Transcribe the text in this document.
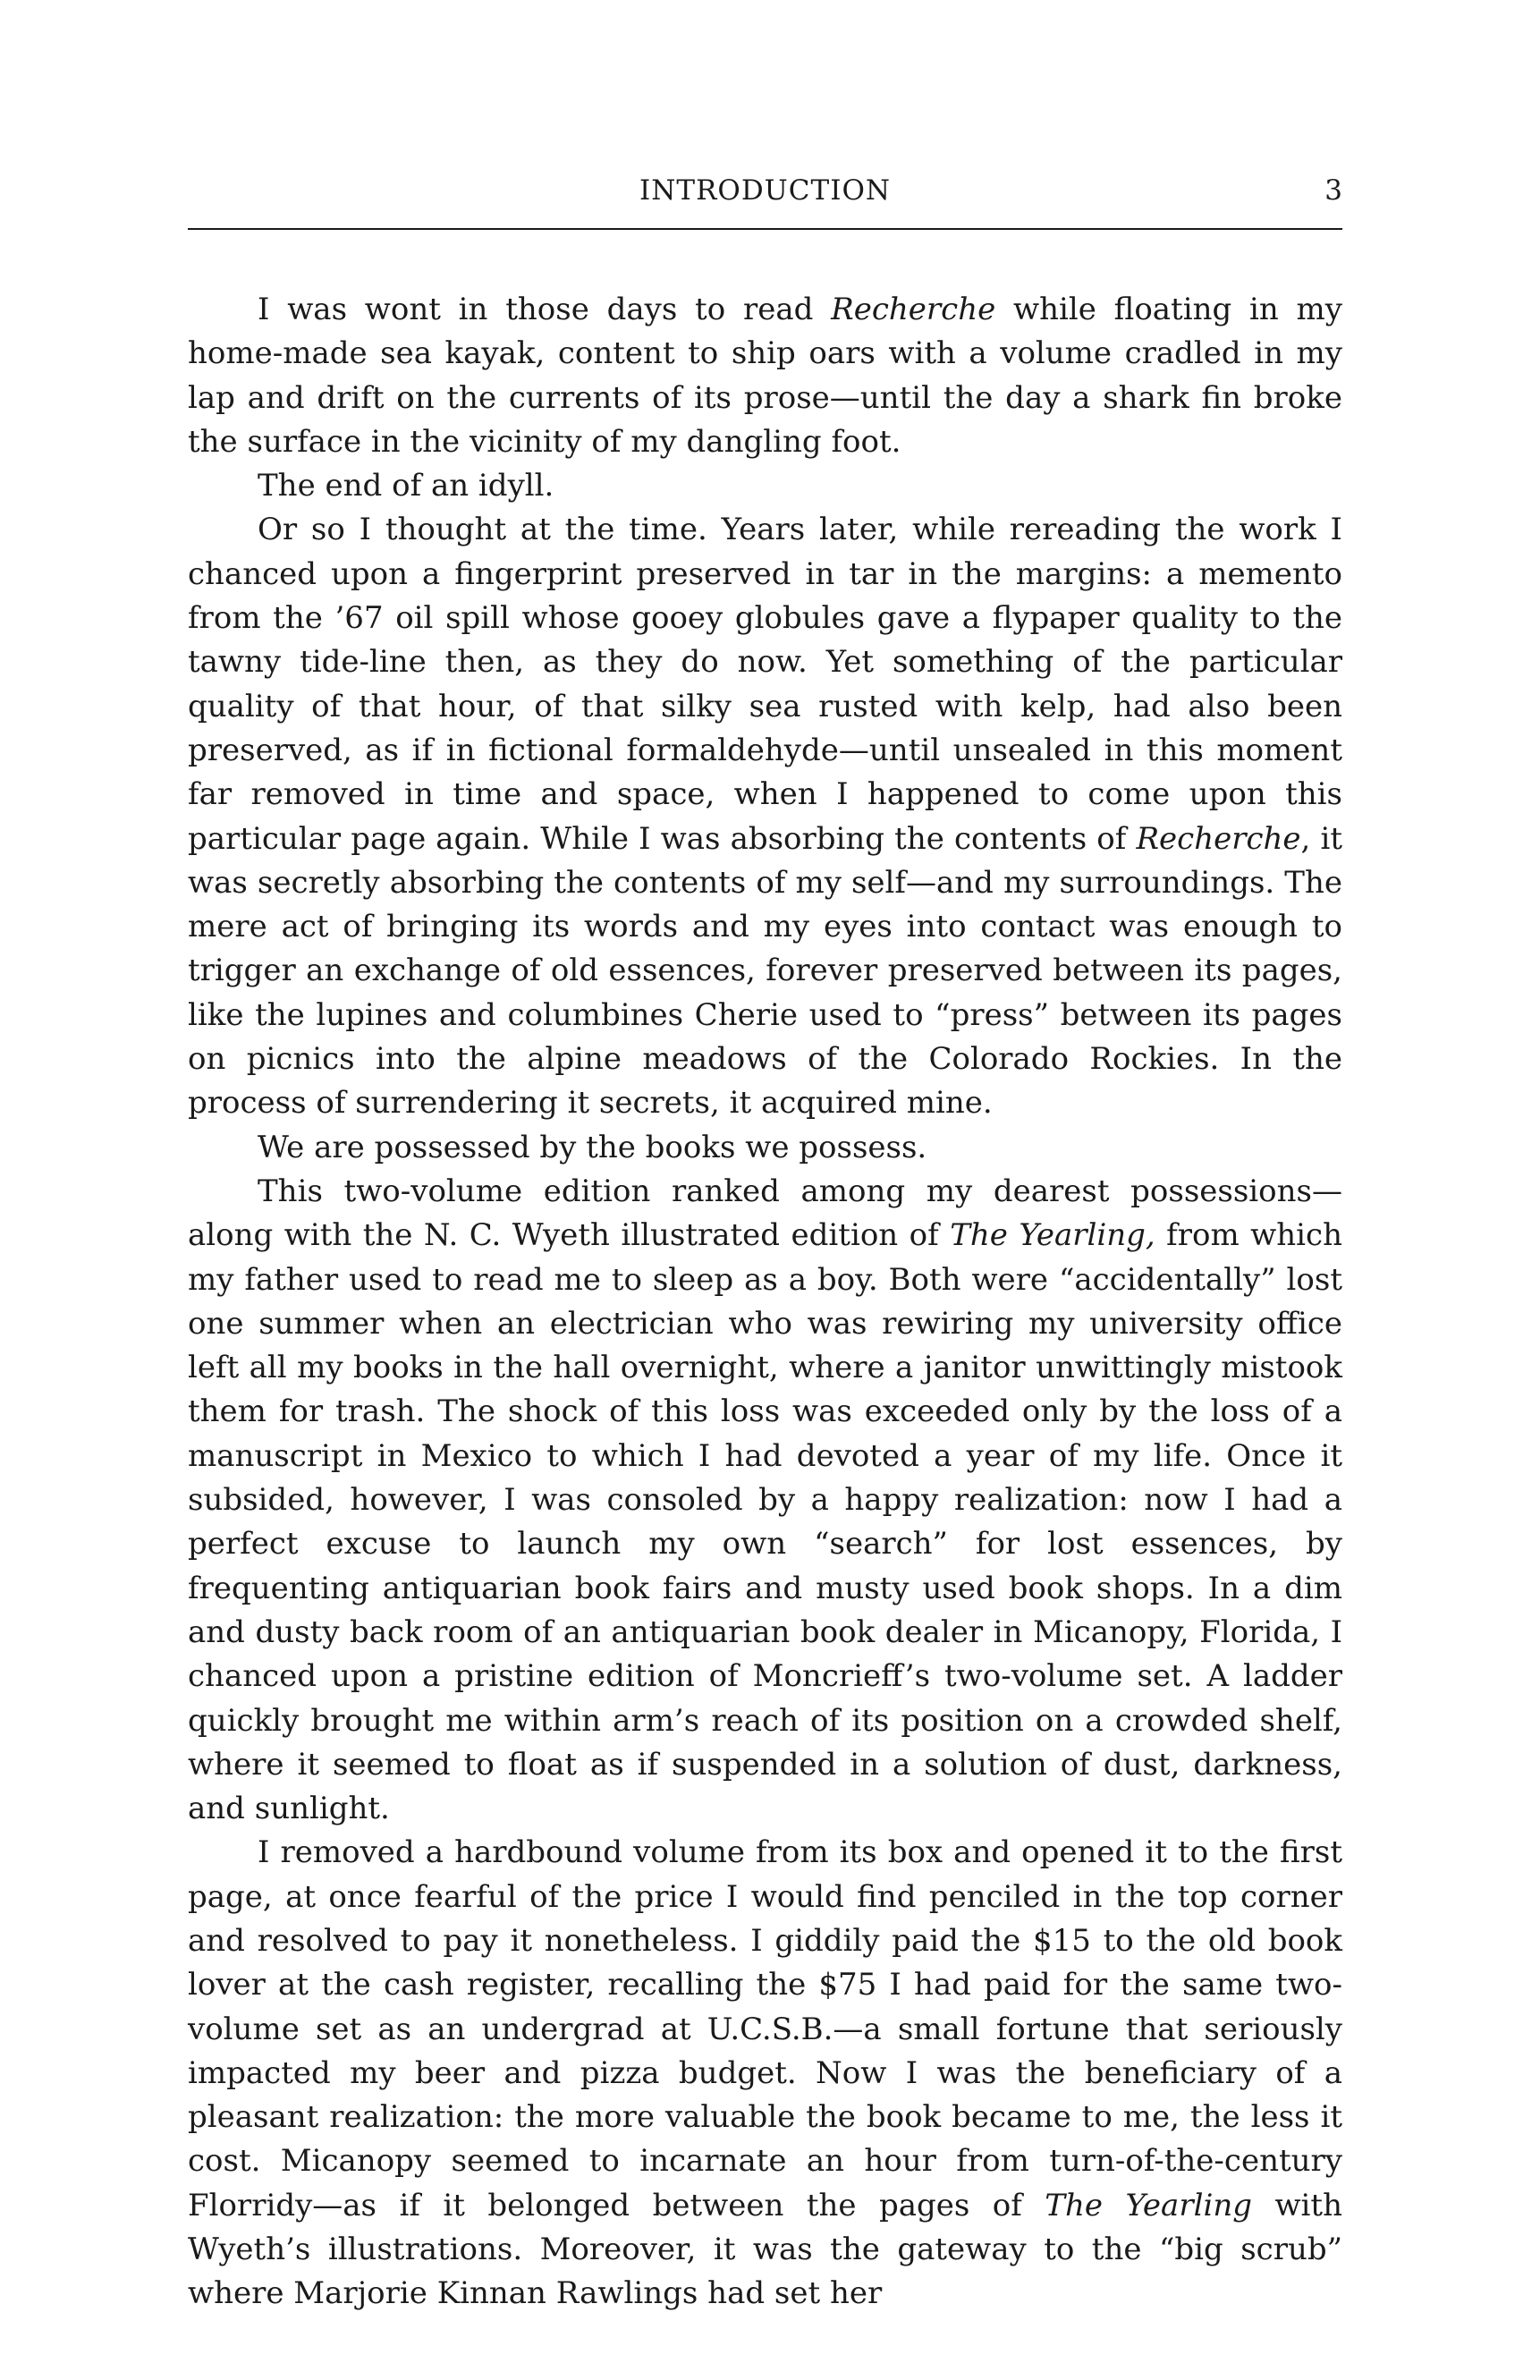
INTRODUCTION	3

I was wont in those days to read Recherche while floating in my home-made sea kayak, content to ship oars with a volume cradled in my lap and drift on the currents of its prose—until the day a shark fin broke the surface in the vicinity of my dangling foot.

The end of an idyll.

Or so I thought at the time. Years later, while rereading the work I chanced upon a fingerprint preserved in tar in the margins: a memento from the ’67 oil spill whose gooey globules gave a flypaper quality to the tawny tide-line then, as they do now. Yet something of the particular quality of that hour, of that silky sea rusted with kelp, had also been preserved, as if in fictional formaldehyde—until unsealed in this moment far removed in time and space, when I happened to come upon this particular page again. While I was absorbing the contents of Recherche, it was secretly absorbing the contents of my self—and my surroundings. The mere act of bringing its words and my eyes into contact was enough to trigger an exchange of old essences, forever preserved between its pages, like the lupines and columbines Cherie used to “press” between its pages on picnics into the alpine meadows of the Colorado Rockies. In the process of surrendering it secrets, it acquired mine.

We are possessed by the books we possess.

This two-volume edition ranked among my dearest possessions—along with the N. C. Wyeth illustrated edition of The Yearling, from which my father used to read me to sleep as a boy. Both were “accidentally” lost one summer when an electrician who was rewiring my university office left all my books in the hall overnight, where a janitor unwittingly mistook them for trash. The shock of this loss was exceeded only by the loss of a manuscript in Mexico to which I had devoted a year of my life. Once it subsided, however, I was consoled by a happy realization: now I had a perfect excuse to launch my own “search” for lost essences, by frequenting antiquarian book fairs and musty used book shops. In a dim and dusty back room of an antiquarian book dealer in Micanopy, Florida, I chanced upon a pristine edition of Moncrieff’s two-volume set. A ladder quickly brought me within arm’s reach of its position on a crowded shelf, where it seemed to float as if suspended in a solution of dust, darkness, and sunlight.

I removed a hardbound volume from its box and opened it to the first page, at once fearful of the price I would find penciled in the top corner and resolved to pay it nonetheless. I giddily paid the $15 to the old book lover at the cash register, recalling the $75 I had paid for the same two-volume set as an undergrad at U.C.S.B.—a small fortune that seriously impacted my beer and pizza budget. Now I was the beneficiary of a pleasant realization: the more valuable the book became to me, the less it cost. Micanopy seemed to incarnate an hour from turn-of-the-century Florridy—as if it belonged between the pages of The Yearling with Wyeth’s illustrations. Moreover, it was the gateway to the “big scrub” where Marjorie Kinnan Rawlings had set her
